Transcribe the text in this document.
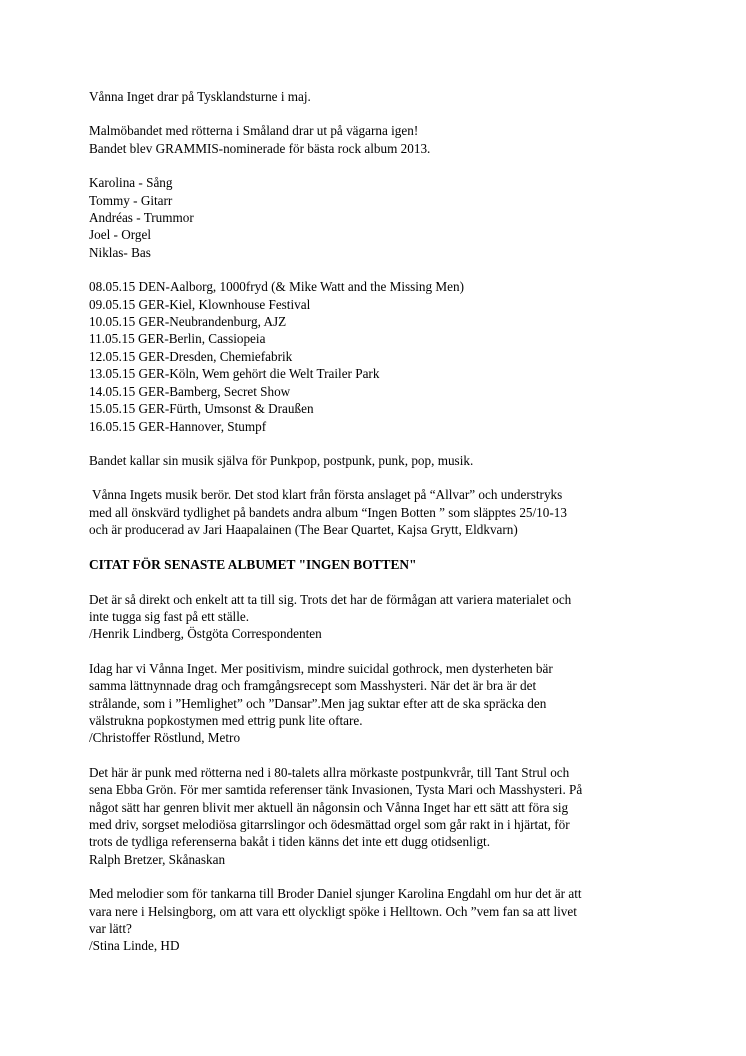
Vånna Inget drar på Tysklandsturne i maj.

Malmöbandet med rötterna i Småland drar ut på vägarna igen!
Bandet blev GRAMMIS-nominerade för bästa rock album 2013.

Karolina - Sång
Tommy - Gitarr
Andréas - Trummor
Joel - Orgel
Niklas- Bas

08.05.15 DEN-Aalborg, 1000fryd (& Mike Watt and the Missing Men)
09.05.15 GER-Kiel, Klownhouse Festival
10.05.15 GER-Neubrandenburg, AJZ
11.05.15 GER-Berlin, Cassiopeia
12.05.15 GER-Dresden, Chemiefabrik
13.05.15 GER-Köln, Wem gehört die Welt Trailer Park
14.05.15 GER-Bamberg, Secret Show
15.05.15 GER-Fürth, Umsonst & Draußen
16.05.15 GER-Hannover, Stumpf

Bandet kallar sin musik själva för Punkpop, postpunk, punk, pop, musik.

Vånna Ingets musik berör. Det stod klart från första anslaget på “Allvar” och understryks
med all önskvärd tydlighet på bandets andra album “Ingen Botten ” som släpptes 25/10-13
och är producerad av Jari Haapalainen (The Bear Quartet, Kajsa Grytt, Eldkvarn)

CITAT FÖR SENASTE ALBUMET "INGEN BOTTEN"
Det är så direkt och enkelt att ta till sig. Trots det har de förmågan att variera materialet och
inte tugga sig fast på ett ställe.
/Henrik Lindberg, Östgöta Correspondenten
Idag har vi Vånna Inget. Mer positivism, mindre suicidal gothrock, men dysterheten bär
samma lättnynnade drag och framgångsrecept som Masshysteri. När det är bra är det
strålande, som i ”Hemlighet” och ”Dansar”.Men jag suktar efter att de ska spräcka den
välstrukna popkostymen med ettrig punk lite oftare.
/Christoffer Röstlund, Metro
Det här är punk med rötterna ned i 80-talets allra mörkaste postpunkvrår, till Tant Strul och
sena Ebba Grön. För mer samtida referenser tänk Invasionen, Tysta Mari och Masshysteri. På
något sätt har genren blivit mer aktuell än någonsin och Vånna Inget har ett sätt att föra sig
med driv, sorgset melodiösa gitarrslingor och ödesmättad orgel som går rakt in i hjärtat, för
trots de tydliga referenserna bakåt i tiden känns det inte ett dugg otidsenligt.
Ralph Bretzer, Skånaskan
Med melodier som för tankarna till Broder Daniel sjunger Karolina Engdahl om hur det är att
vara nere i Helsingborg, om att vara ett olyckligt spöke i Helltown. Och ”vem fan sa att livet
var lätt?
/Stina Linde, HD
